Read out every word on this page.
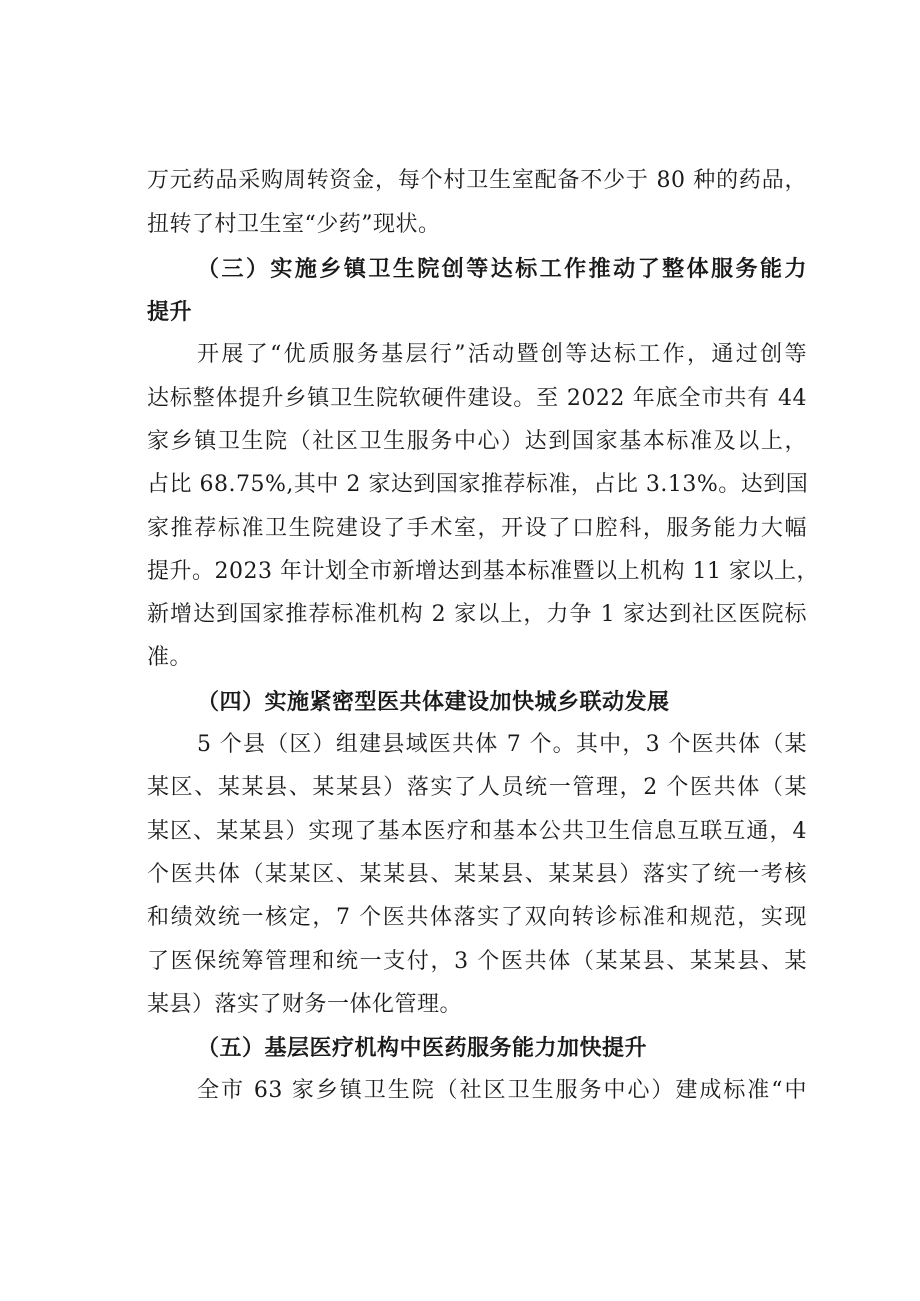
万元药品采购周转资金，每个村卫生室配备不少于 80 种的药品，
扭转了村卫生室“少药”现状。
（三）实施乡镇卫生院创等达标工作推动了整体服务能力
提升
开展了“优质服务基层行”活动暨创等达标工作，通过创等
达标整体提升乡镇卫生院软硬件建设。至 2022 年底全市共有 44
家乡镇卫生院（社区卫生服务中心）达到国家基本标准及以上，
占比 68.75%,其中 2 家达到国家推荐标准，占比 3.13%。达到国
家推荐标准卫生院建设了手术室，开设了口腔科，服务能力大幅
提升。2023 年计划全市新增达到基本标准暨以上机构 11 家以上，
新增达到国家推荐标准机构 2 家以上，力争 1 家达到社区医院标
准。
（四）实施紧密型医共体建设加快城乡联动发展
5 个县（区）组建县域医共体 7 个。其中，3 个医共体（某
某区、某某县、某某县）落实了人员统一管理，2 个医共体（某
某区、某某县）实现了基本医疗和基本公共卫生信息互联互通，4
个医共体（某某区、某某县、某某县、某某县）落实了统一考核
和绩效统一核定，7 个医共体落实了双向转诊标准和规范，实现
了医保统筹管理和统一支付，3 个医共体（某某县、某某县、某
某县）落实了财务一体化管理。
（五）基层医疗机构中医药服务能力加快提升
全市 63 家乡镇卫生院（社区卫生服务中心）建成标准“中
